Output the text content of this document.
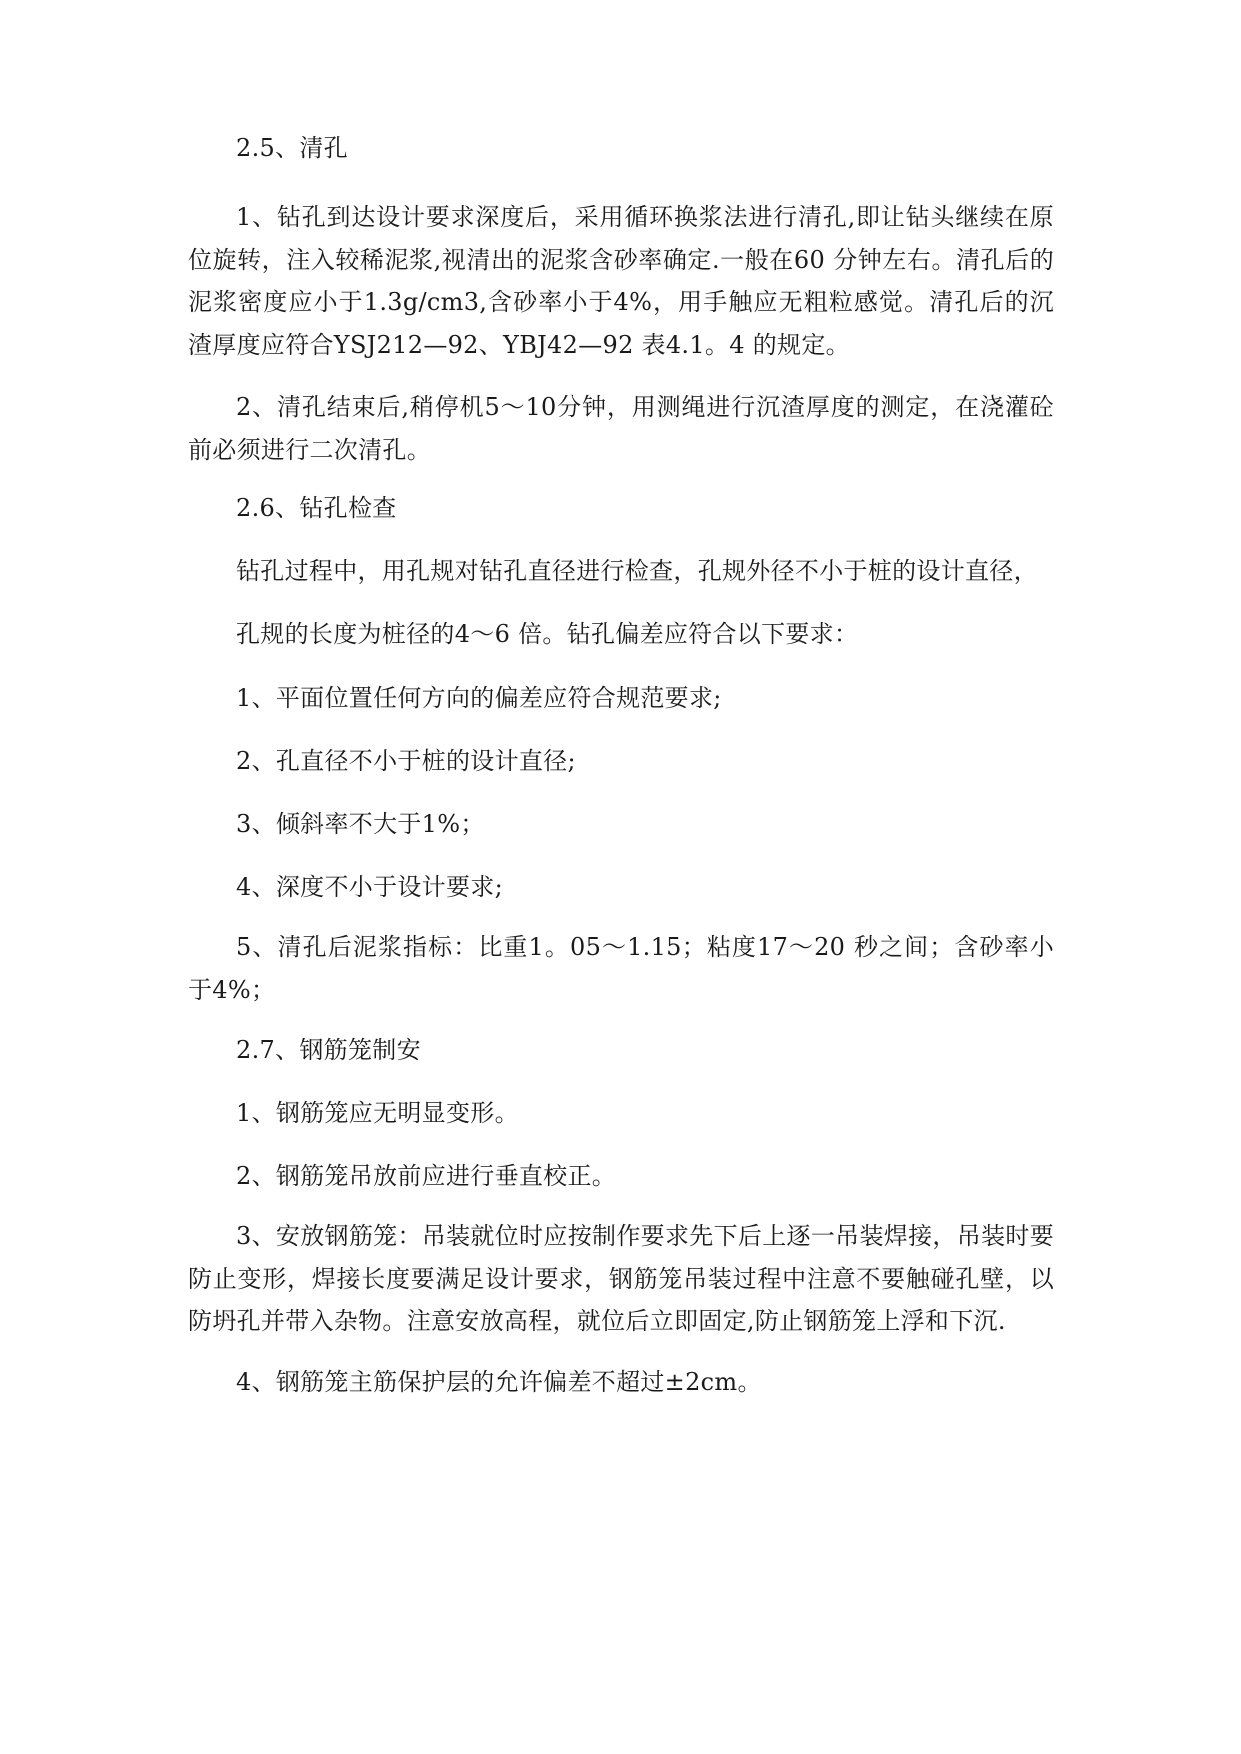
2.5、清孔
1、钻孔到达设计要求深度后，采用循环换浆法进行清孔,即让钻头继续在原位旋转，注入较稀泥浆,视清出的泥浆含砂率确定.一般在60 分钟左右。清孔后的泥浆密度应小于1.3g/cm3,含砂率小于4%，用手触应无粗粒感觉。清孔后的沉渣厚度应符合YSJ212—92、YBJ42—92 表4.1。4 的规定。
2、清孔结束后,稍停机5～10分钟，用测绳进行沉渣厚度的测定，在浇灌砼前必须进行二次清孔。
2.6、钻孔检查
钻孔过程中，用孔规对钻孔直径进行检查，孔规外径不小于桩的设计直径，
孔规的长度为桩径的4～6 倍。钻孔偏差应符合以下要求：
1、平面位置任何方向的偏差应符合规范要求;
2、孔直径不小于桩的设计直径;
3、倾斜率不大于1%；
4、深度不小于设计要求;
5、清孔后泥浆指标：比重1。05～1.15；粘度17～20 秒之间；含砂率小于4%；
2.7、钢筋笼制安
1、钢筋笼应无明显变形。
2、钢筋笼吊放前应进行垂直校正。
3、安放钢筋笼：吊装就位时应按制作要求先下后上逐一吊装焊接，吊装时要防止变形，焊接长度要满足设计要求，钢筋笼吊装过程中注意不要触碰孔壁，以防坍孔并带入杂物。注意安放高程，就位后立即固定,防止钢筋笼上浮和下沉.
4、钢筋笼主筋保护层的允许偏差不超过±2cm。
